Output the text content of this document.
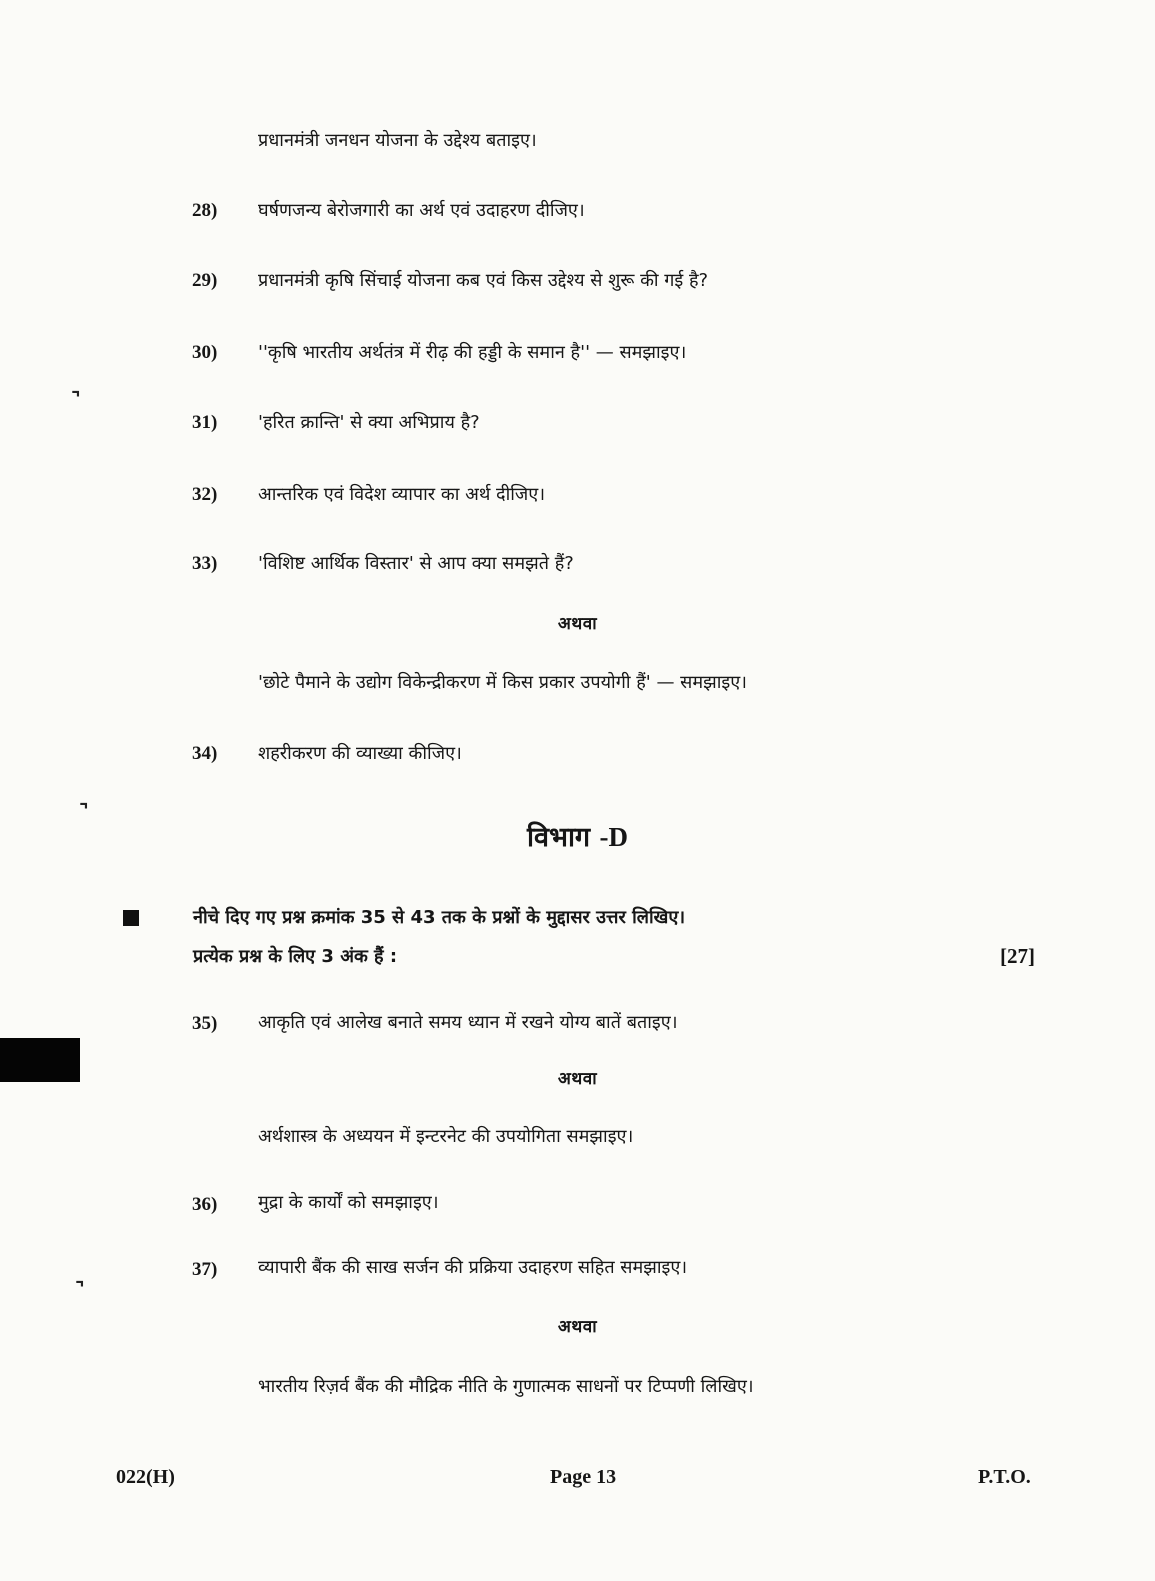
प्रधानमंत्री जनधन योजना के उद्देश्य बताइए।
28)	घर्षणजन्य बेरोजगारी का अर्थ एवं उदाहरण दीजिए।
29)	प्रधानमंत्री कृषि सिंचाई योजना कब एवं किस उद्देश्य से शुरू की गई है?
30)	''कृषि भारतीय अर्थतंत्र में रीढ़ की हड्डी के समान है'' — समझाइए।
31)	'हरित क्रान्ति' से क्या अभिप्राय है?
32)	आन्तरिक एवं विदेश व्यापार का अर्थ दीजिए।
33)	'विशिष्ट आर्थिक विस्तार' से आप क्या समझते हैं?
अथवा
'छोटे पैमाने के उद्योग विकेन्द्रीकरण में किस प्रकार उपयोगी हैं' — समझाइए।
34)	शहरीकरण की व्याख्या कीजिए।
विभाग -D
नीचे दिए गए प्रश्न क्रमांक 35 से 43 तक के प्रश्नों के मुद्दासर उत्तर लिखिए।
प्रत्येक प्रश्न के लिए 3 अंक हैं :	[27]
35)	आकृति एवं आलेख बनाते समय ध्यान में रखने योग्य बातें बताइए।
अथवा
अर्थशास्त्र के अध्ययन में इन्टरनेट की उपयोगिता समझाइए।
36)	मुद्रा के कार्यों को समझाइए।
37)	व्यापारी बैंक की साख सर्जन की प्रक्रिया उदाहरण सहित समझाइए।
अथवा
भारतीय रिज़र्व बैंक की मौद्रिक नीति के गुणात्मक साधनों पर टिप्पणी लिखिए।
022(H)	Page 13	P.T.O.
˺
˺
˺
